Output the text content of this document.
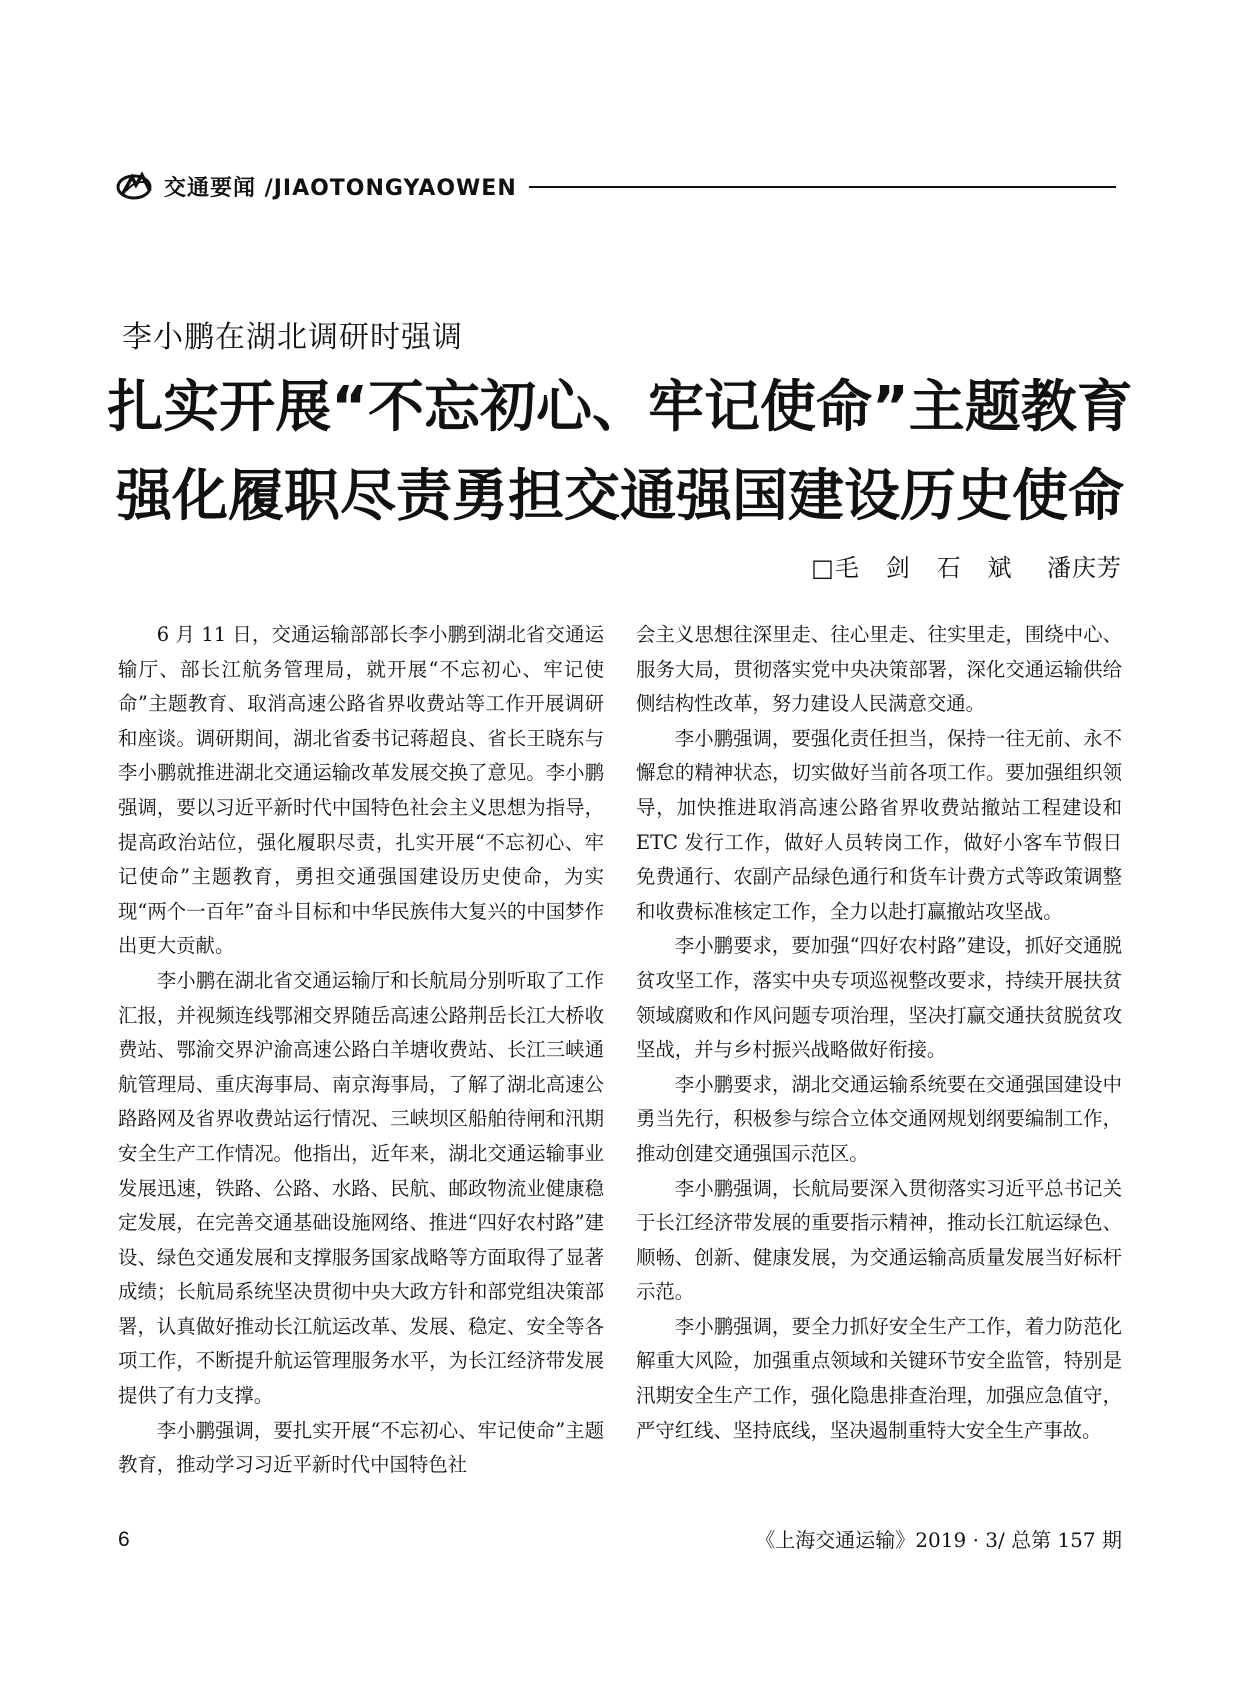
交通要闻 /JIAOTONGYAOWEN
李小鹏在湖北调研时强调
扎实开展“不忘初心、牢记使命”主题教育
强化履职尽责勇担交通强国建设历史使命
□毛   剑   石   斌    潘庆芳

6 月 11 日，交通运输部部长李小鹏到湖北省交通运输厅、部长江航务管理局，就开展“不忘初心、牢记使命”主题教育、取消高速公路省界收费站等工作开展调研和座谈。调研期间，湖北省委书记蒋超良、省长王晓东与李小鹏就推进湖北交通运输改革发展交换了意见。李小鹏强调，要以习近平新时代中国特色社会主义思想为指导，提高政治站位，强化履职尽责，扎实开展“不忘初心、牢记使命”主题教育，勇担交通强国建设历史使命，为实现“两个一百年”奋斗目标和中华民族伟大复兴的中国梦作出更大贡献。

李小鹏在湖北省交通运输厅和长航局分别听取了工作汇报，并视频连线鄂湘交界随岳高速公路荆岳长江大桥收费站、鄂渝交界沪渝高速公路白羊塘收费站、长江三峡通航管理局、重庆海事局、南京海事局，了解了湖北高速公路路网及省界收费站运行情况、三峡坝区船舶待闸和汛期安全生产工作情况。他指出，近年来，湖北交通运输事业发展迅速，铁路、公路、水路、民航、邮政物流业健康稳定发展，在完善交通基础设施网络、推进“四好农村路”建设、绿色交通发展和支撑服务国家战略等方面取得了显著成绩；长航局系统坚决贯彻中央大政方针和部党组决策部署，认真做好推动长江航运改革、发展、稳定、安全等各项工作，不断提升航运管理服务水平，为长江经济带发展提供了有力支撑。

李小鹏强调，要扎实开展“不忘初心、牢记使命”主题教育，推动学习习近平新时代中国特色社

会主义思想往深里走、往心里走、往实里走，围绕中心、服务大局，贯彻落实党中央决策部署，深化交通运输供给侧结构性改革，努力建设人民满意交通。

李小鹏强调，要强化责任担当，保持一往无前、永不懈怠的精神状态，切实做好当前各项工作。要加强组织领导，加快推进取消高速公路省界收费站撤站工程建设和 ETC 发行工作，做好人员转岗工作，做好小客车节假日免费通行、农副产品绿色通行和货车计费方式等政策调整和收费标准核定工作，全力以赴打赢撤站攻坚战。

李小鹏要求，要加强“四好农村路”建设，抓好交通脱贫攻坚工作，落实中央专项巡视整改要求，持续开展扶贫领域腐败和作风问题专项治理，坚决打赢交通扶贫脱贫攻坚战，并与乡村振兴战略做好衔接。

李小鹏要求，湖北交通运输系统要在交通强国建设中勇当先行，积极参与综合立体交通网规划纲要编制工作，推动创建交通强国示范区。

李小鹏强调，长航局要深入贯彻落实习近平总书记关于长江经济带发展的重要指示精神，推动长江航运绿色、顺畅、创新、健康发展，为交通运输高质量发展当好标杆示范。

李小鹏强调，要全力抓好安全生产工作，着力防范化解重大风险，加强重点领域和关键环节安全监管，特别是汛期安全生产工作，强化隐患排查治理，加强应急值守，严守红线、坚持底线，坚决遏制重特大安全生产事故。

6	《上海交通运输》2019 · 3/ 总第 157 期
